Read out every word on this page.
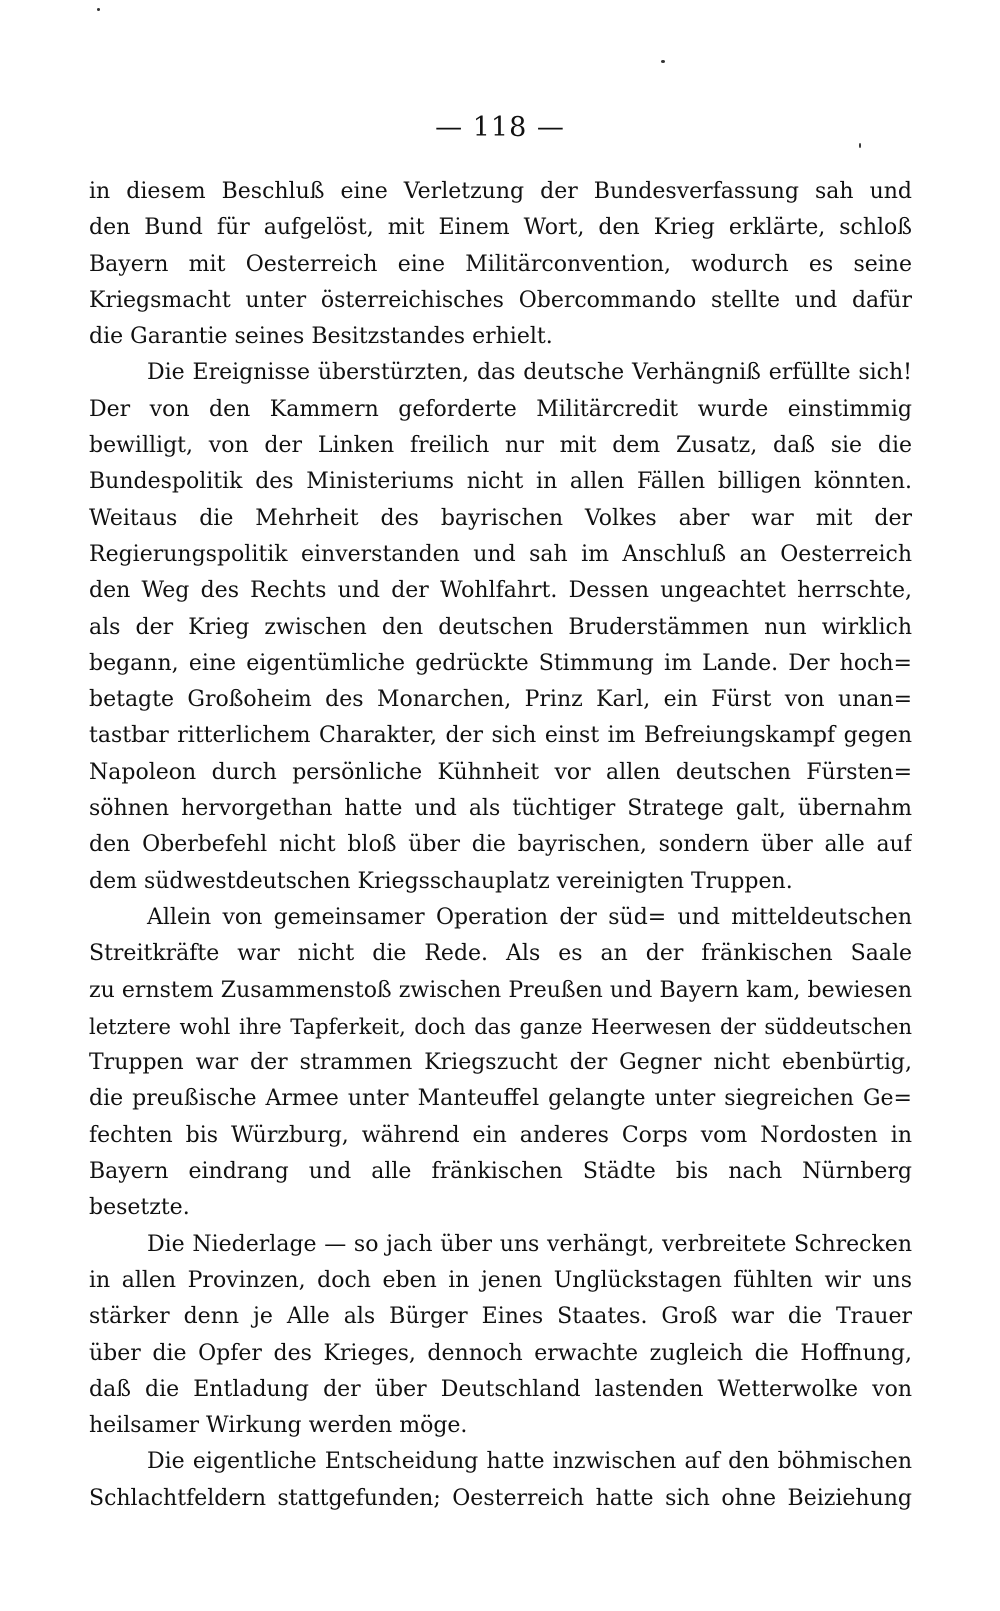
— 118 —
in diesem Beschluß eine Verletzung der Bundesverfassung sah und
den Bund für aufgelöst, mit Einem Wort, den Krieg erklärte, schloß
Bayern mit Oesterreich eine Militärconvention, wodurch es seine
Kriegsmacht unter österreichisches Obercommando stellte und dafür
die Garantie seines Besitzstandes erhielt.
Die Ereignisse überstürzten, das deutsche Verhängniß erfüllte sich!
Der von den Kammern geforderte Militärcredit wurde einstimmig
bewilligt, von der Linken freilich nur mit dem Zusatz, daß sie die
Bundespolitik des Ministeriums nicht in allen Fällen billigen könnten.
Weitaus die Mehrheit des bayrischen Volkes aber war mit der
Regierungspolitik einverstanden und sah im Anschluß an Oesterreich
den Weg des Rechts und der Wohlfahrt. Dessen ungeachtet herrschte,
als der Krieg zwischen den deutschen Bruderstämmen nun wirklich
begann, eine eigentümliche gedrückte Stimmung im Lande. Der hoch=
betagte Großoheim des Monarchen, Prinz Karl, ein Fürst von unan=
tastbar ritterlichem Charakter, der sich einst im Befreiungskampf gegen
Napoleon durch persönliche Kühnheit vor allen deutschen Fürsten=
söhnen hervorgethan hatte und als tüchtiger Stratege galt, übernahm
den Oberbefehl nicht bloß über die bayrischen, sondern über alle auf
dem südwestdeutschen Kriegsschauplatz vereinigten Truppen.
Allein von gemeinsamer Operation der süd= und mitteldeutschen
Streitkräfte war nicht die Rede. Als es an der fränkischen Saale
zu ernstem Zusammenstoß zwischen Preußen und Bayern kam, bewiesen
letztere wohl ihre Tapferkeit, doch das ganze Heerwesen der süddeutschen
Truppen war der strammen Kriegszucht der Gegner nicht ebenbürtig,
die preußische Armee unter Manteuffel gelangte unter siegreichen Ge=
fechten bis Würzburg, während ein anderes Corps vom Nordosten in
Bayern eindrang und alle fränkischen Städte bis nach Nürnberg
besetzte.
Die Niederlage — so jach über uns verhängt, verbreitete Schrecken
in allen Provinzen, doch eben in jenen Unglückstagen fühlten wir uns
stärker denn je Alle als Bürger Eines Staates. Groß war die Trauer
über die Opfer des Krieges, dennoch erwachte zugleich die Hoffnung,
daß die Entladung der über Deutschland lastenden Wetterwolke von
heilsamer Wirkung werden möge.
Die eigentliche Entscheidung hatte inzwischen auf den böhmischen
Schlachtfeldern stattgefunden; Oesterreich hatte sich ohne Beiziehung
